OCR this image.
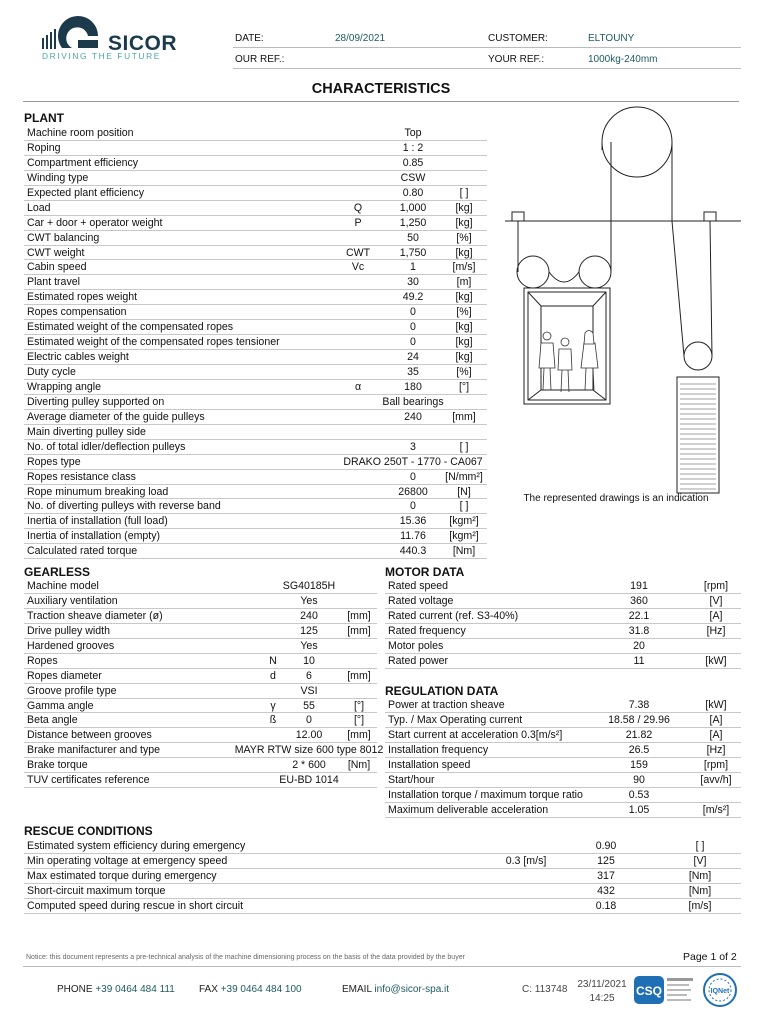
SICOR
DRIVING THE FUTURE
DATE:	28/09/2021	CUSTOMER:	ELTOUNY
OUR REF.:	YOUR REF.:	1000kg-240mm
CHARACTERISTICS
PLANT
Machine room position	Top
Roping	1 : 2
Compartment efficiency	0.85
Winding type	CSW
Expected plant efficiency	0.80	[ ]
Load	Q	1,000	[kg]
Car + door + operator weight	P	1,250	[kg]
CWT balancing	50	[%]
CWT weight	CWT	1,750	[kg]
Cabin speed	Vc	1	[m/s]
Plant travel	30	[m]
Estimated ropes weight	49.2	[kg]
Ropes compensation	0	[%]
Estimated weight of the compensated ropes	0	[kg]
Estimated weight of the compensated ropes tensioner	0	[kg]
Electric cables weight	24	[kg]
Duty cycle	35	[%]
Wrapping angle	α	180	[°]
Diverting pulley supported on	Ball bearings
Average diameter of the guide pulleys	240	[mm]
Main diverting pulley side
No. of total idler/deflection pulleys	3	[ ]
Ropes type	DRAKO 250T - 1770 - CA067
Ropes resistance class	0	[N/mm²]
Rope minumum breaking load	26800	[N]
No. of diverting pulleys with reverse band	0	[ ]
Inertia of installation (full load)	15.36	[kgm²]
Inertia of installation (empty)	11.76	[kgm²]
Calculated rated torque	440.3	[Nm]
The represented drawings is an indication
GEARLESS
Machine model	SG40185H
Auxiliary ventilation	Yes
Traction sheave diameter (ø)	240	[mm]
Drive pulley width	125	[mm]
Hardened grooves	Yes
Ropes	N	10
Ropes diameter	d	6	[mm]
Groove profile type	VSI
Gamma angle	γ	55	[°]
Beta angle	ß	0	[°]
Distance between grooves	12.00	[mm]
Brake manifacturer and type	MAYR RTW size 600 type 8012
Brake torque	2 * 600	[Nm]
TUV certificates reference	EU-BD 1014
MOTOR DATA
Rated speed	191	[rpm]
Rated voltage	360	[V]
Rated current (ref. S3-40%)	22.1	[A]
Rated frequency	31.8	[Hz]
Motor poles	20
Rated power	11	[kW]
REGULATION DATA
Power at traction sheave	7.38	[kW]
Typ. / Max Operating current	18.58 / 29.96	[A]
Start current at acceleration 0.3[m/s²]	21.82	[A]
Installation frequency	26.5	[Hz]
Installation speed	159	[rpm]
Start/hour	90	[avv/h]
Installation torque / maximum torque ratio	0.53
Maximum deliverable acceleration	1.05	[m/s²]
RESCUE CONDITIONS
Estimated system efficiency during emergency	0.90	[ ]
Min operating voltage at emergency speed	0.3 [m/s]	125	[V]
Max estimated torque during emergency	317	[Nm]
Short-circuit maximum torque	432	[Nm]
Computed speed during rescue in short circuit	0.18	[m/s]
Notice: this document represents a pre-technical analysis of the machine dimensioning process on the basis of the data provided by the buyer	Page 1 of 2
PHONE +39 0464 484 111 FAX +39 0464 484 100	EMAIL info@sicor-spa.it	C: 113748 23/11/2021
14:25
CSQ	IQNet
